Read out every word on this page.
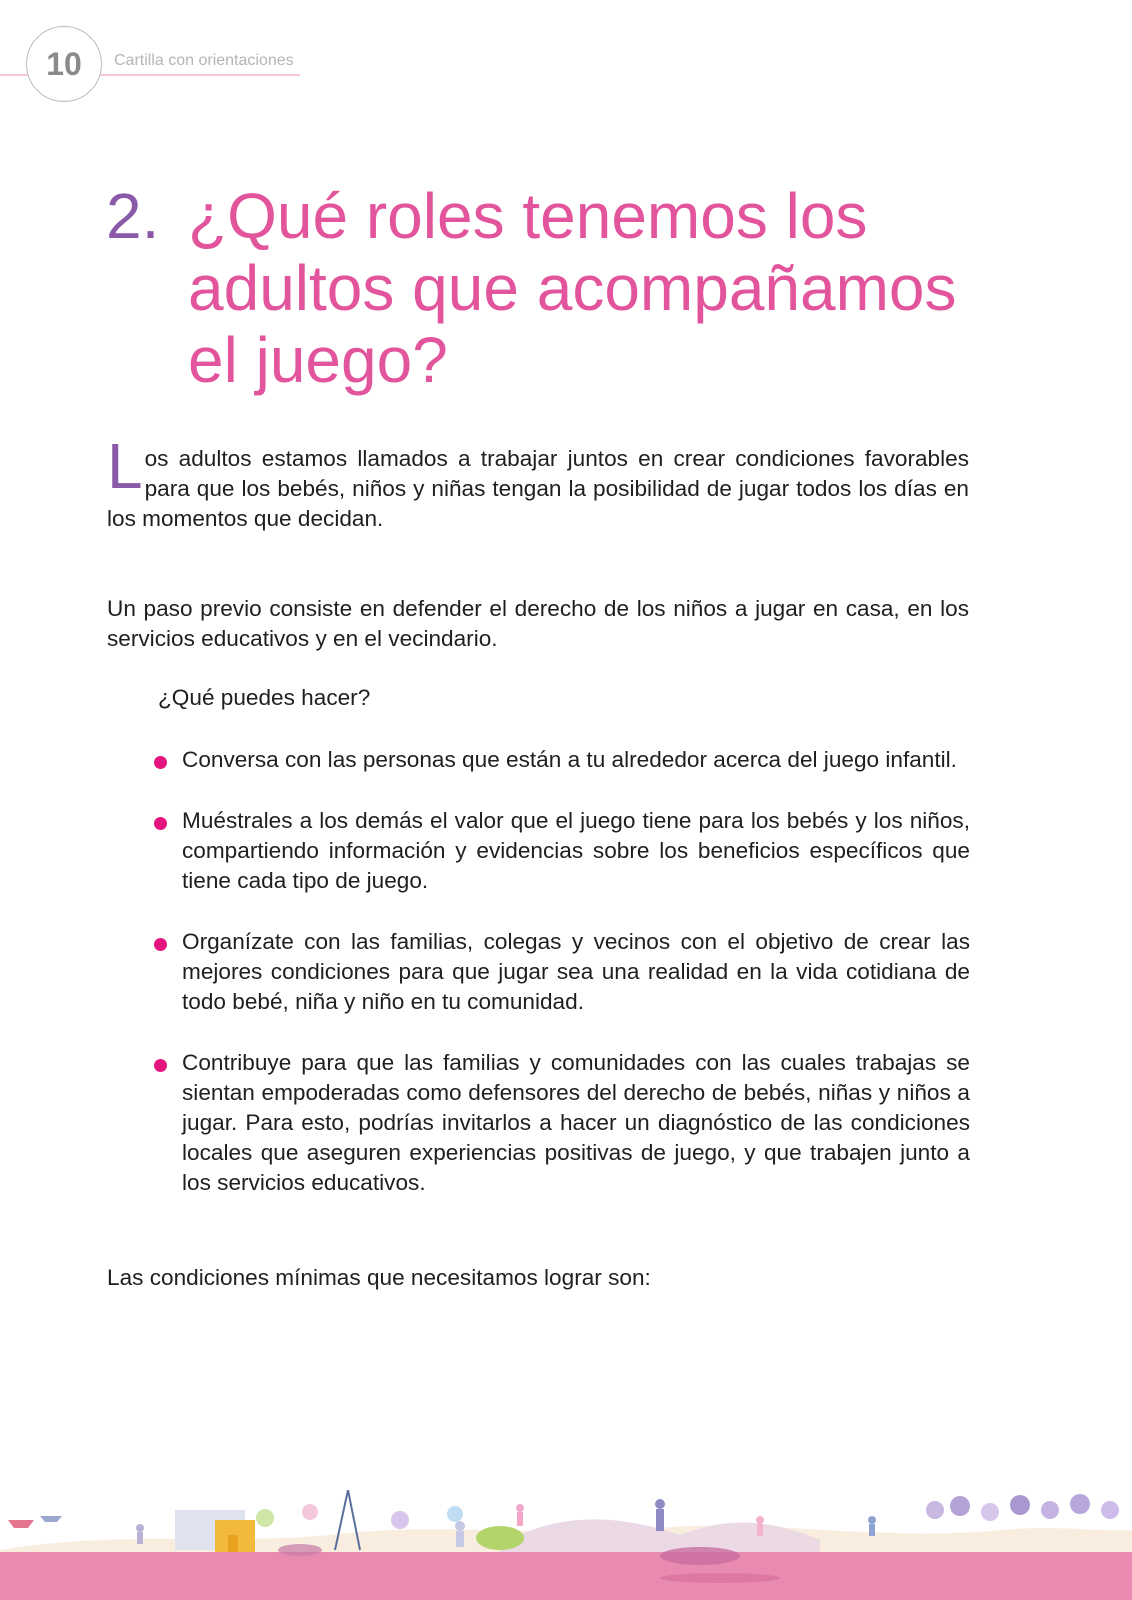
10	Cartilla con orientaciones
2. ¿Qué roles tenemos los adultos que acompañamos el juego?

Los adultos estamos llamados a trabajar juntos en crear condiciones favorables para que los bebés, niños y niñas tengan la posibilidad de jugar todos los días en los momentos que decidan.

Un paso previo consiste en defender el derecho de los niños a jugar en casa, en los servicios educativos y en el vecindario.

¿Qué puedes hacer?

Conversa con las personas que están a tu alrededor acerca del juego infantil.
Muéstrales a los demás el valor que el juego tiene para los bebés y los niños, compartiendo información y evidencias sobre los beneficios específicos que tiene cada tipo de juego.
Organízate con las familias, colegas y vecinos con el objetivo de crear las mejores condiciones para que jugar sea una realidad en la vida cotidiana de todo bebé, niña y niño en tu comunidad.
Contribuye para que las familias y comunidades con las cuales trabajas se sientan empoderadas como defensores del derecho de bebés, niñas y niños a jugar. Para esto, podrías invitarlos a hacer un diagnóstico de las condiciones locales que aseguren experiencias positivas de juego, y que trabajen junto a los servicios educativos.

Las condiciones mínimas que necesitamos lograr son:
